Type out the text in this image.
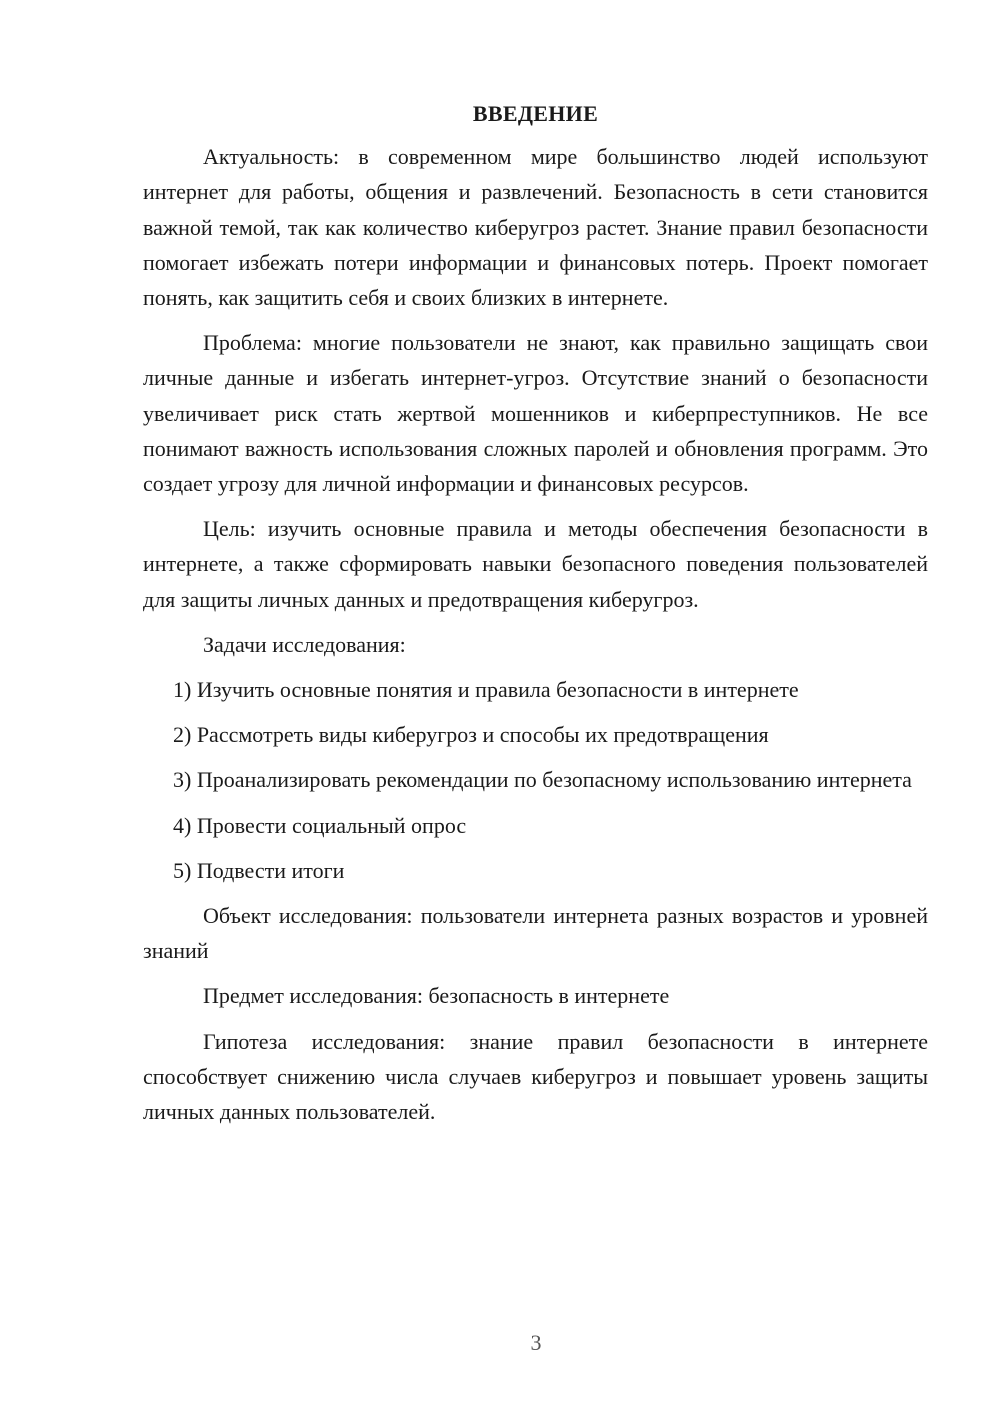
ВВЕДЕНИЕ

Актуальность: в современном мире большинство людей используют интернет для работы, общения и развлечений. Безопасность в сети становится важной темой, так как количество киберугроз растет. Знание правил безопасности помогает избежать потери информации и финансовых потерь. Проект помогает понять, как защитить себя и своих близких в интернете.

Проблема: многие пользователи не знают, как правильно защищать свои личные данные и избегать интернет-угроз. Отсутствие знаний о безопасности увеличивает риск стать жертвой мошенников и киберпреступников. Не все понимают важность использования сложных паролей и обновления программ. Это создает угрозу для личной информации и финансовых ресурсов.

Цель: изучить основные правила и методы обеспечения безопасности в интернете, а также сформировать навыки безопасного поведения пользователей для защиты личных данных и предотвращения киберугроз.

Задачи исследования:

1) Изучить основные понятия и правила безопасности в интернете
2) Рассмотреть виды киберугроз и способы их предотвращения
3) Проанализировать рекомендации по безопасному использованию интернета
4) Провести социальный опрос
5) Подвести итоги

Объект исследования: пользователи интернета разных возрастов и уровней знаний

Предмет исследования: безопасность в интернете

Гипотеза исследования: знание правил безопасности в интернете способствует снижению числа случаев киберугроз и повышает уровень защиты личных данных пользователей.

3
